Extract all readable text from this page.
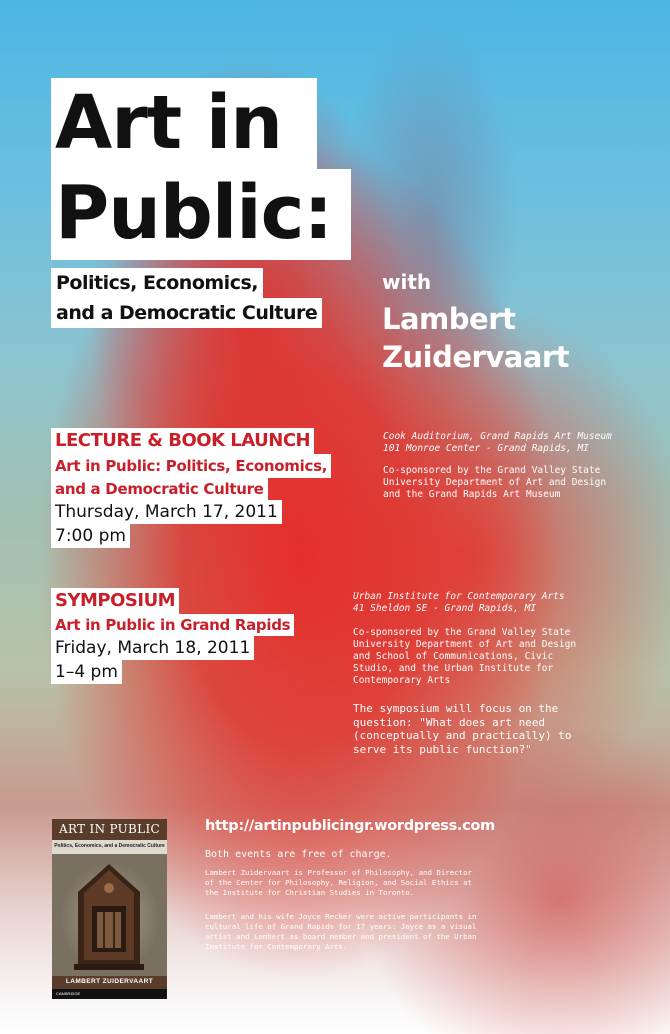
Art in
Public:
Politics, Economics,
and a Democratic Culture
with
Lambert
Zuidervaart
LECTURE & BOOK LAUNCH
Art in Public: Politics, Economics,
and a Democratic Culture
Thursday, March 17, 2011
7:00 pm
Cook Auditorium, Grand Rapids Art Museum
101 Monroe Center - Grand Rapids, MI
Co-sponsored by the Grand Valley State
University Department of Art and Design
and the Grand Rapids Art Museum
SYMPOSIUM
Art in Public in Grand Rapids
Friday, March 18, 2011
1–4 pm
Urban Institute for Contemporary Arts
41 Sheldon SE - Grand Rapids, MI
Co-sponsored by the Grand Valley State
University Department of Art and Design
and School of Communications, Civic
Studio, and the Urban Institute for
Contemporary Arts
The symposium will focus on the
question: "What does art need
(conceptually and practically) to
serve its public function?"
ART IN PUBLIC
Politics, Economics, and a Democratic Culture
LAMBERT ZUIDERVAART
CAMBRIDGE
http://artinpublicingr.wordpress.com
Both events are free of charge.
Lambert Zuidervaart is Professor of Philosophy, and Director
of the Center for Philosophy, Religion, and Social Ethics at
the Institute for Christian Studies in Toronto.
Lambert and his wife Joyce Recker were active participants in
cultural life of Grand Rapids for 17 years: Joyce as a visual
artist and Lambert as board member and president of the Urban
Institute for Contemporary Arts.
